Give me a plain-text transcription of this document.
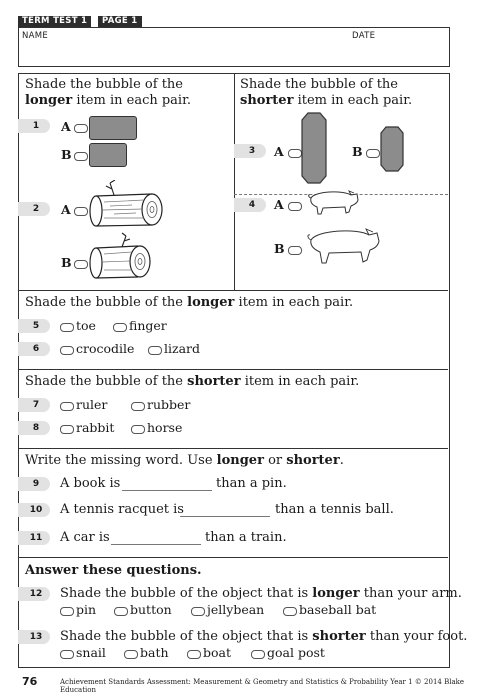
TERM TEST 1	PAGE 1
NAME	DATE
Shade the bubble of the
longer item in each pair.
1	A
B
2	A
B
Shade the bubble of the
shorter item in each pair.
3	A	B
4	A
B
Shade the bubble of the longer item in each pair.
5	toe	finger
6	crocodile lizard
Shade the bubble of the shorter item in each pair.
7	ruler	rubber
8	rabbit	horse
Write the missing word. Use longer or shorter.
9	A book is	than a pin.
10	A tennis racquet is	than a tennis ball.
11	A car is	than a train.
Answer these questions.
12	Shade the bubble of the object that is longer than your arm.
pin	button	jellybean	baseball bat
13	Shade the bubble of the object that is shorter than your foot.
snail	bath	boat	goal post
76	Achievement Standards Assessment: Measurement & Geometry and Statistics & Probability Year 1 © 2014 Blake Education
